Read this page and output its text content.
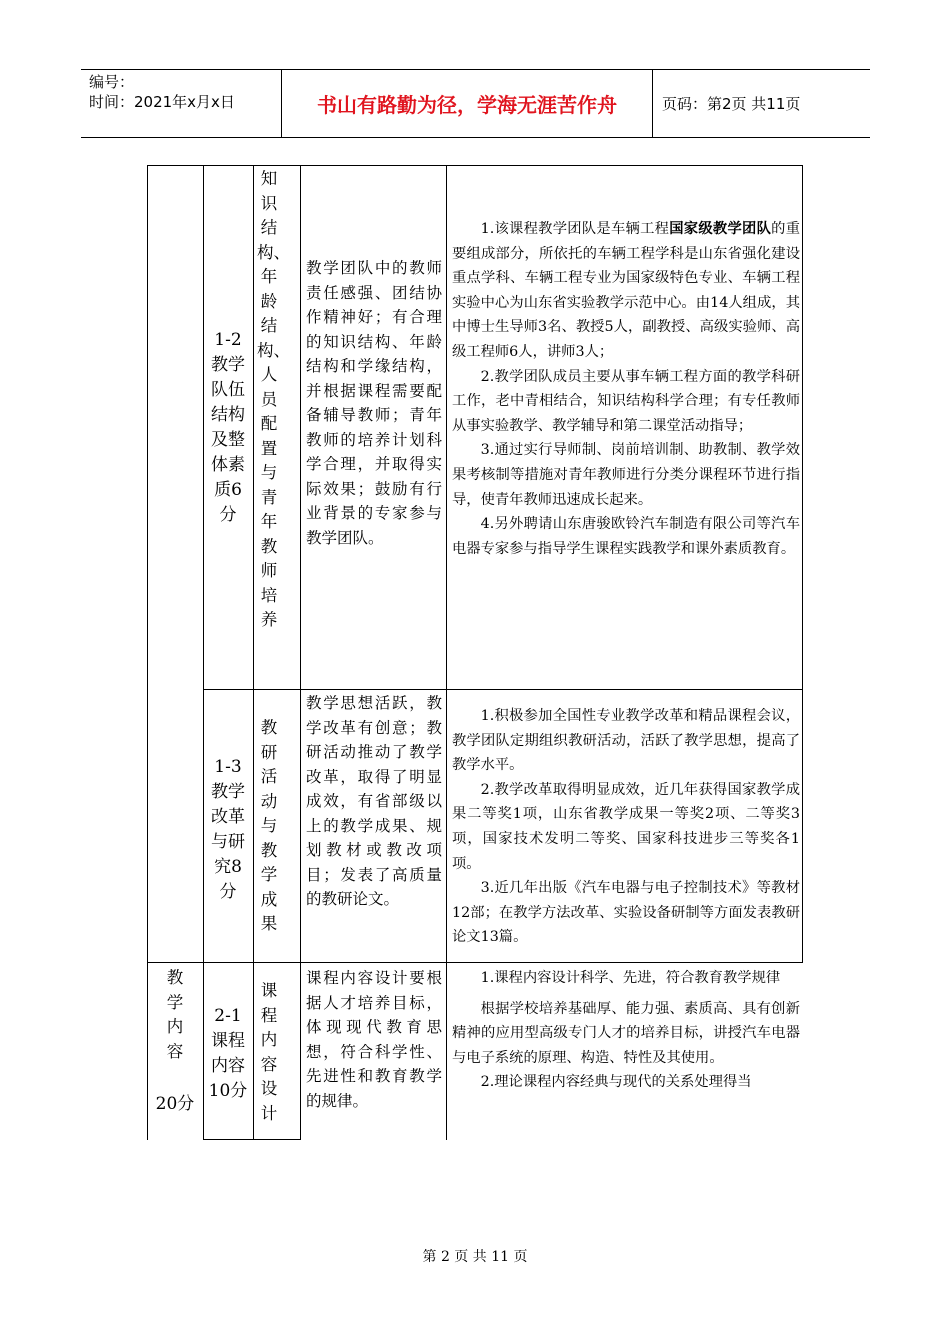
编号：
时间：2021年x月x日	书山有路勤为径，学海无涯苦作舟	页码：第2页 共11页
1-2教学队伍结构及整体素质6分
知识结构、年龄结构、人员配置与青年教师培养
教学团队中的教师责任感强、团结协作精神好；有合理的知识结构、年龄结构和学缘结构，并根据课程需要配备辅导教师；青年教师的培养计划科学合理，并取得实际效果；鼓励有行业背景的专家参与教学团队。

1.该课程教学团队是车辆工程国家级教学团队的重要组成部分，所依托的车辆工程学科是山东省强化建设重点学科、车辆工程专业为国家级特色专业、车辆工程实验中心为山东省实验教学示范中心。由14人组成，其中博士生导师3名、教授5人，副教授、高级实验师、高级工程师6人，讲师3人；

2.教学团队成员主要从事车辆工程方面的教学科研工作，老中青相结合，知识结构科学合理；有专任教师从事实验教学、教学辅导和第二课堂活动指导；

3.通过实行导师制、岗前培训制、助教制、教学效果考核制等措施对青年教师进行分类分课程环节进行指导，使青年教师迅速成长起来。

4.另外聘请山东唐骏欧铃汽车制造有限公司等汽车电器专家参与指导学生课程实践教学和课外素质教育。

1-3教学改革与研究8分
教研活动与教学成果
教学思想活跃，教学改革有创意；教研活动推动了教学改革，取得了明显成效，有省部级以上的教学成果、规划教材或教改项目；发表了高质量的教研论文。

1.积极参加全国性专业教学改革和精品课程会议，教学团队定期组织教研活动，活跃了教学思想，提高了教学水平。

2.教学改革取得明显成效，近几年获得国家教学成果二等奖1项，山东省教学成果一等奖2项、二等奖3项，国家技术发明二等奖、国家科技进步三等奖各1项。

3.近几年出版《汽车电器与电子控制技术》等教材12部；在教学方法改革、实验设备研制等方面发表教研论文13篇。

教学内容
20分
2-1课程内容10分
课程内容设计
课程内容设计要根据人才培养目标，体现现代教育思想，符合科学性、先进性和教育教学的规律。

1.课程内容设计科学、先进，符合教育教学规律

根据学校培养基础厚、能力强、素质高、具有创新精神的应用型高级专门人才的培养目标，讲授汽车电器与电子系统的原理、构造、特性及其使用。

2.理论课程内容经典与现代的关系处理得当

第 2 页 共 11 页
